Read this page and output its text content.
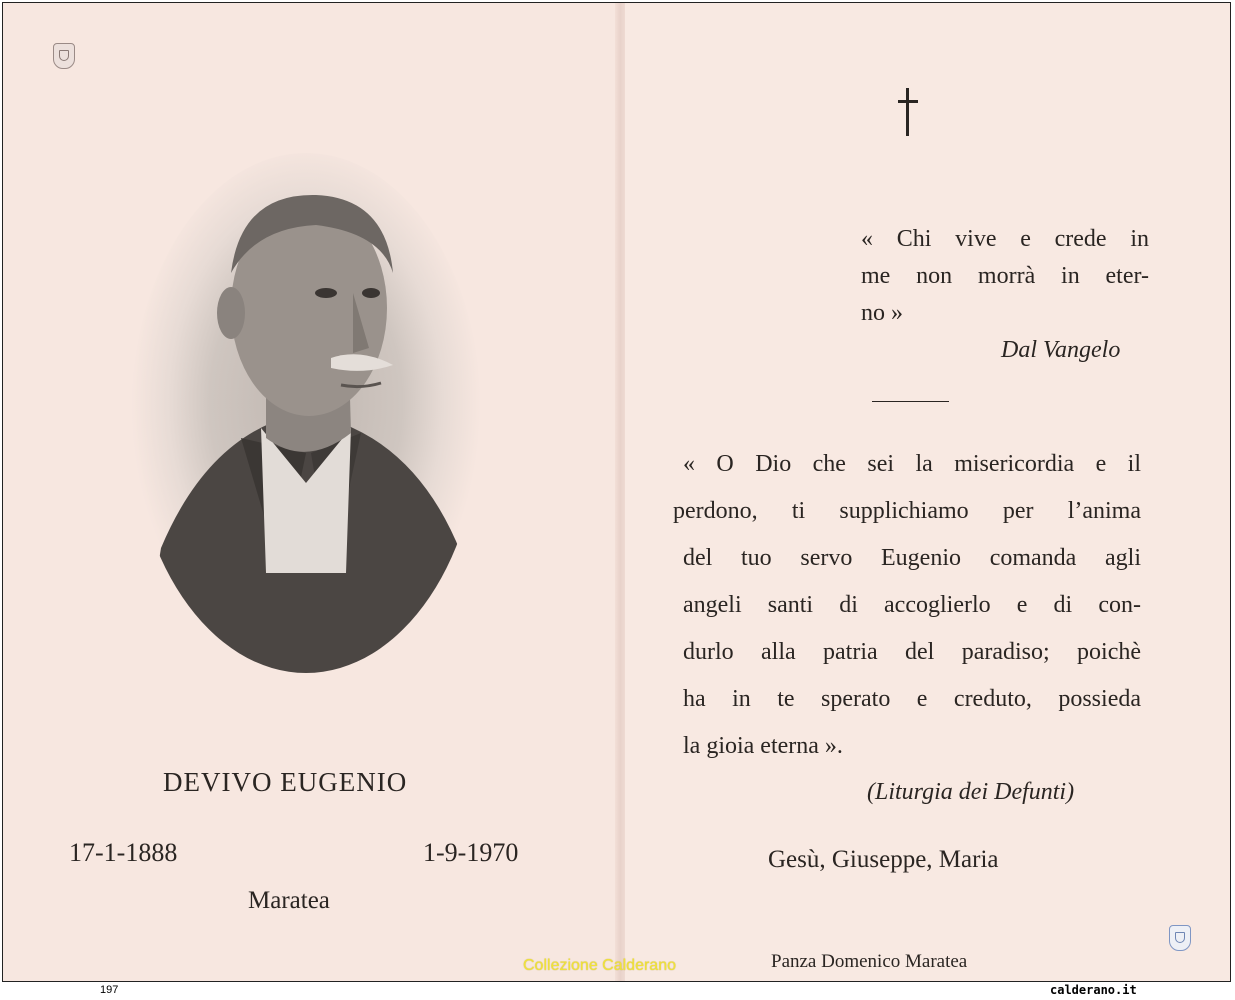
DEVIVO EUGENIO
17-1-1888	1-9-1970
Maratea
« Chi vive e crede in
me non morrà in eter-
no »
Dal Vangelo
« O Dio che sei la misericordia e il
perdono, ti supplichiamo per l’anima
del tuo servo Eugenio comanda agli
angeli santi di accoglierlo e di con-
durlo alla patria del paradiso; poichè
ha in te sperato e creduto, possieda
la gioia eterna ».
(Liturgia dei Defunti)
Gesù, Giuseppe, Maria
Panza Domenico Maratea
Collezione Calderano
197	calderano.it
